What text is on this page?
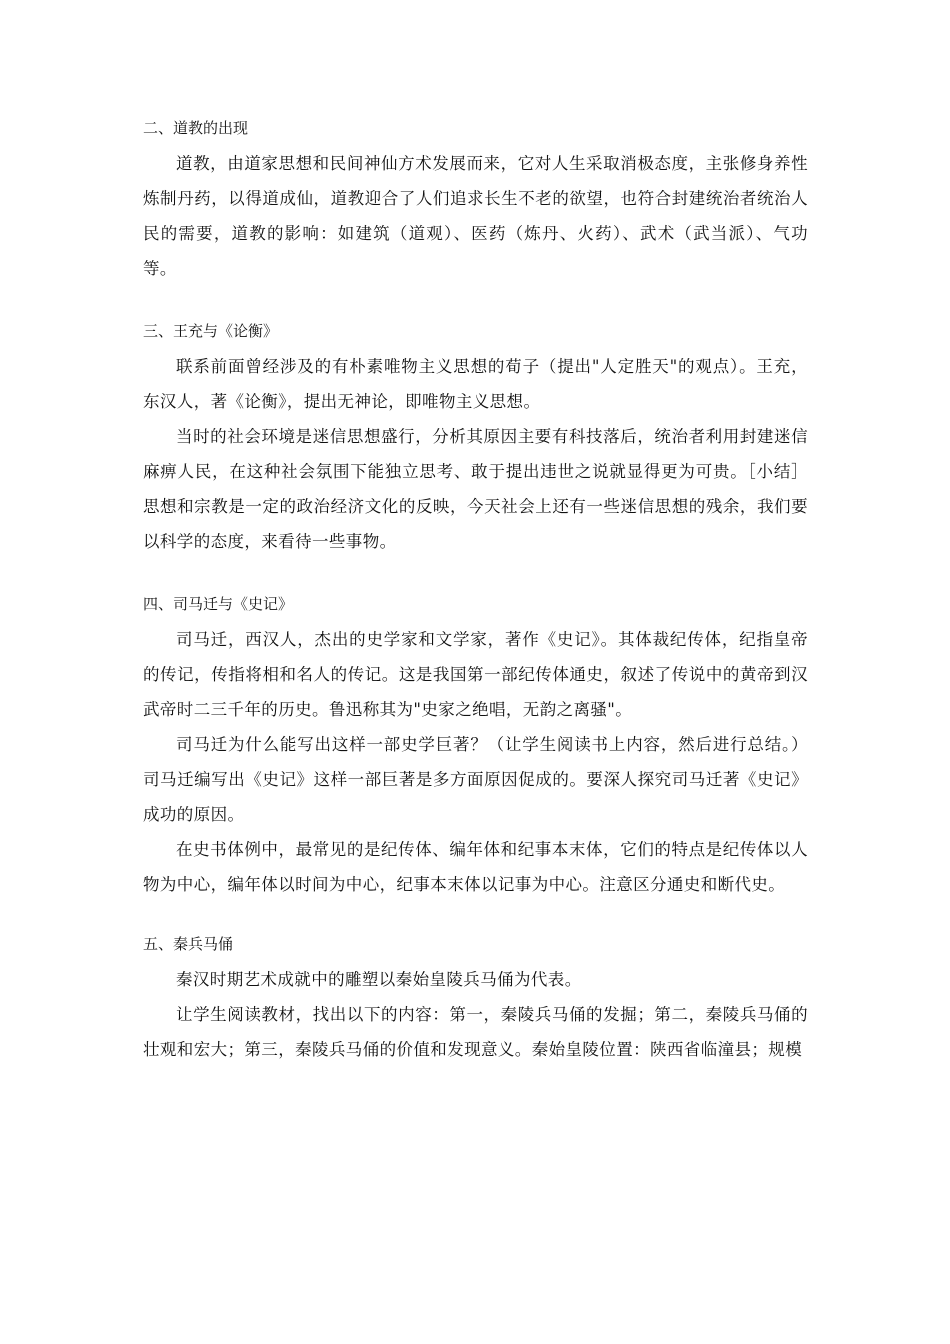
二、道教的出现

道教，由道家思想和民间神仙方术发展而来，它对人生采取消极态度，主张修身养性炼制丹药，以得道成仙，道教迎合了人们追求长生不老的欲望，也符合封建统治者统治人民的需要，道教的影响：如建筑（道观）、医药（炼丹、火药）、武术（武当派）、气功等。

三、王充与《论衡》

联系前面曾经涉及的有朴素唯物主义思想的荀子（提出"人定胜天"的观点）。王充，东汉人，著《论衡》，提出无神论，即唯物主义思想。

当时的社会环境是迷信思想盛行，分析其原因主要有科技落后，统治者利用封建迷信麻痹人民，在这种社会氛围下能独立思考、敢于提出违世之说就显得更为可贵。［小结］思想和宗教是一定的政治经济文化的反映，今天社会上还有一些迷信思想的残余，我们要以科学的态度，来看待一些事物。

四、司马迁与《史记》

司马迁，西汉人，杰出的史学家和文学家，著作《史记》。其体裁纪传体，纪指皇帝的传记，传指将相和名人的传记。这是我国第一部纪传体通史，叙述了传说中的黄帝到汉武帝时二三千年的历史。鲁迅称其为"史家之绝唱，无韵之离骚"。

司马迁为什么能写出这样一部史学巨著？（让学生阅读书上内容，然后进行总结。）司马迁编写出《史记》这样一部巨著是多方面原因促成的。要深人探究司马迁著《史记》成功的原因。

在史书体例中，最常见的是纪传体、编年体和纪事本末体，它们的特点是纪传体以人物为中心，编年体以时间为中心，纪事本末体以记事为中心。注意区分通史和断代史。

五、秦兵马俑

秦汉时期艺术成就中的雕塑以秦始皇陵兵马俑为代表。

让学生阅读教材，找出以下的内容：第一，秦陵兵马俑的发掘；第二，秦陵兵马俑的壮观和宏大；第三，秦陵兵马俑的价值和发现意义。秦始皇陵位置：陕西省临潼县；规模
